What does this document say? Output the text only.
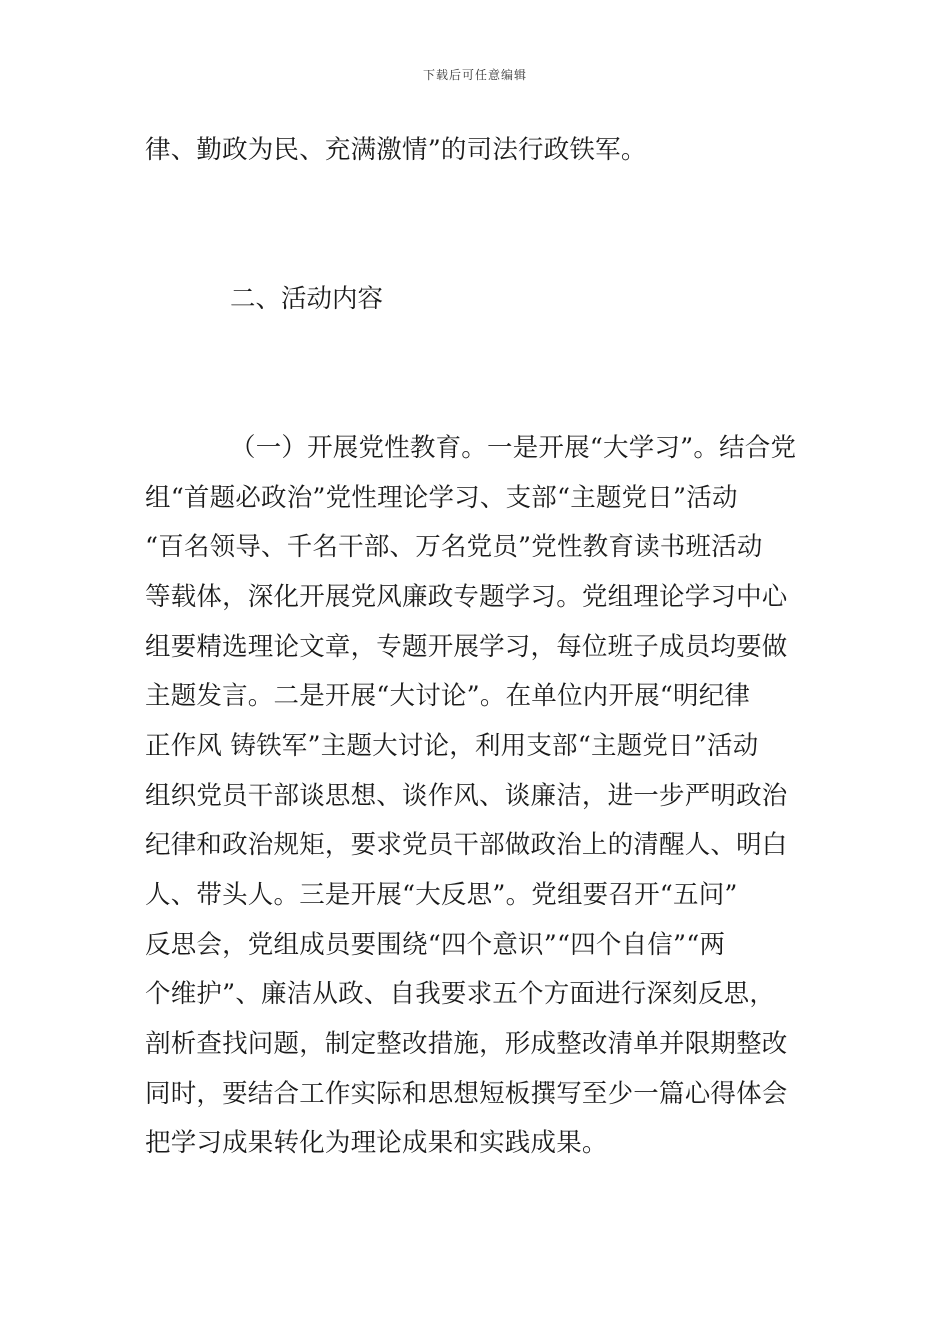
下载后可任意编辑
律、勤政为民、充满激情”的司法行政铁军。
二、活动内容
（一）开展党性教育。一是开展“大学习”。结合党
组“首题必政治”党性理论学习、支部“主题党日”活动
“百名领导、千名干部、万名党员”党性教育读书班活动
等载体，深化开展党风廉政专题学习。党组理论学习中心
组要精选理论文章，专题开展学习，每位班子成员均要做
主题发言。二是开展“大讨论”。在单位内开展“明纪律
正作风 铸铁军”主题大讨论，利用支部“主题党日”活动
组织党员干部谈思想、谈作风、谈廉洁，进一步严明政治
纪律和政治规矩，要求党员干部做政治上的清醒人、明白
人、带头人。三是开展“大反思”。党组要召开“五问”
反思会，党组成员要围绕“四个意识”“四个自信”“两
个维护”、廉洁从政、自我要求五个方面进行深刻反思，
剖析查找问题，制定整改措施，形成整改清单并限期整改
同时，要结合工作实际和思想短板撰写至少一篇心得体会
把学习成果转化为理论成果和实践成果。
